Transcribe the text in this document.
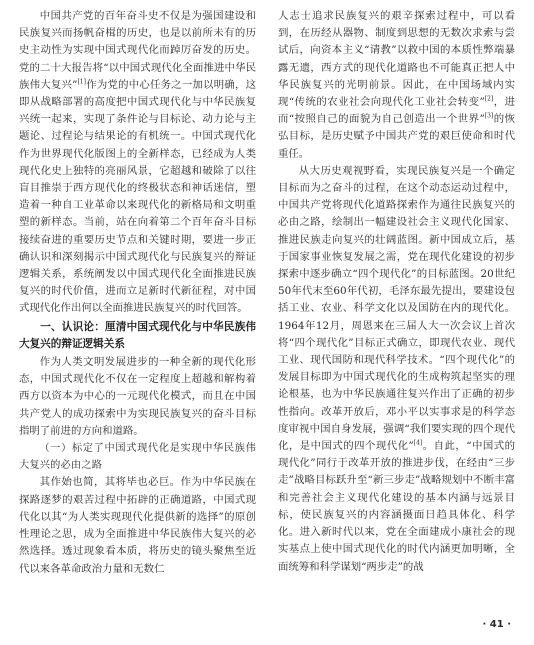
中国共产党的百年奋斗史不仅是为强国建设和民族复兴而扬帆奋楫的历史，也是以前所未有的历史主动性为实现中国式现代化而踔厉奋发的历史。党的二十大报告将“以中国式现代化全面推进中华民族伟大复兴”[1]作为党的中心任务之一加以明确，这即从战略部署的高度把中国式现代化与中华民族复兴统一起来，实现了条件论与目标论、动力论与主题论、过程论与结果论的有机统一。中国式现代化作为世界现代化版图上的全新样态，已经成为人类现代化史上独特的亮丽风景，它超越和破除了以往盲目推崇于西方现代化的终极状态和神话迷信，塑造着一种自工业革命以来现代化的新格局和文明重塑的新样态。当前，站在向着第二个百年奋斗目标接续奋进的重要历史节点和关键时期，要进一步正确认识和深刻揭示中国式现代化与民族复兴的辩证逻辑关系，系统阐发以中国式现代化全面推进民族复兴的时代价值，进而立足新时代新征程，对中国式现代化作出何以全面推进民族复兴的时代回答。

一、认识论：厘清中国式现代化与中华民族伟大复兴的辩证逻辑关系

作为人类文明发展进步的一种全新的现代化形态，中国式现代化不仅在一定程度上超越和解构着西方以资本为中心的一元现代化模式，而且在中国共产党人的成功探索中为实现民族复兴的奋斗目标指明了前进的方向和道路。

（一）标定了中国式现代化是实现中华民族伟大复兴的必由之路

其作始也简，其将毕也必巨。作为中华民族在探路逐梦的艰苦过程中拓辟的正确道路，中国式现代化以其“为人类实现现代化提供新的选择”的原创性理论之思，成为全面推进中华民族伟大复兴的必然选择。透过现象看本质，将历史的镜头聚焦至近代以来各革命政治力量和无数仁

人志士追求民族复兴的艰辛探索过程中，可以看到，在历经从器物、制度到思想的无数次求索与尝试后，向资本主义“请教”以救中国的本质性弊端暴露无遗，西方式的现代化道路也不可能真正把人中华民族复兴的光明前景。因此，在中国场域内实现“传统的农业社会向现代化工业社会转变”[2]，进而“按照自己的面貌为自己创造出一个世界”[3]的恢弘目标，是历史赋予中国共产党的艰巨使命和时代重任。

从大历史观视野看，实现民族复兴是一个确定目标而为之奋斗的过程，在这个动态运动过程中，中国共产党将现代化道路探索作为通往民族复兴的必由之路，绘制出一幅建设社会主义现代化国家、推进民族走向复兴的壮阔蓝图。新中国成立后，基于国家事业恢复发展之需，党在现代化建设的初步探索中逐步确立“四个现代化”的目标蓝图。20世纪50年代末至60年代初，毛泽东最先提出，要建设包括工业、农业、科学文化以及国防在内的现代化。1964年12月，周恩来在三届人大一次会议上首次将“四个现代化”目标正式确立，即现代农业、现代工业、现代国防和现代科学技术。“四个现代化”的发展目标即为中国式现代化的生成构筑起坚实的理论根基，也为中华民族通往复兴作出了正确的初步性指向。改革开放后，邓小平以实事求是的科学态度审视中国自身发展，强调“我们要实现的四个现代化，是中国式的四个现代化”[4]。自此，“中国式的现代化”同行于改革开放的推进步伐，在经由“三步走”战略目标跃升至“新三步走”战略规划中不断丰富和完善社会主义现代化建设的基本内涵与远景目标，使民族复兴的内容涵摄面日趋具体化、科学化。进入新时代以来，党在全面建成小康社会的现实基点上使中国式现代化的时代内涵更加明晰，全面统筹和科学谋划“两步走”的战

· 41 ·
